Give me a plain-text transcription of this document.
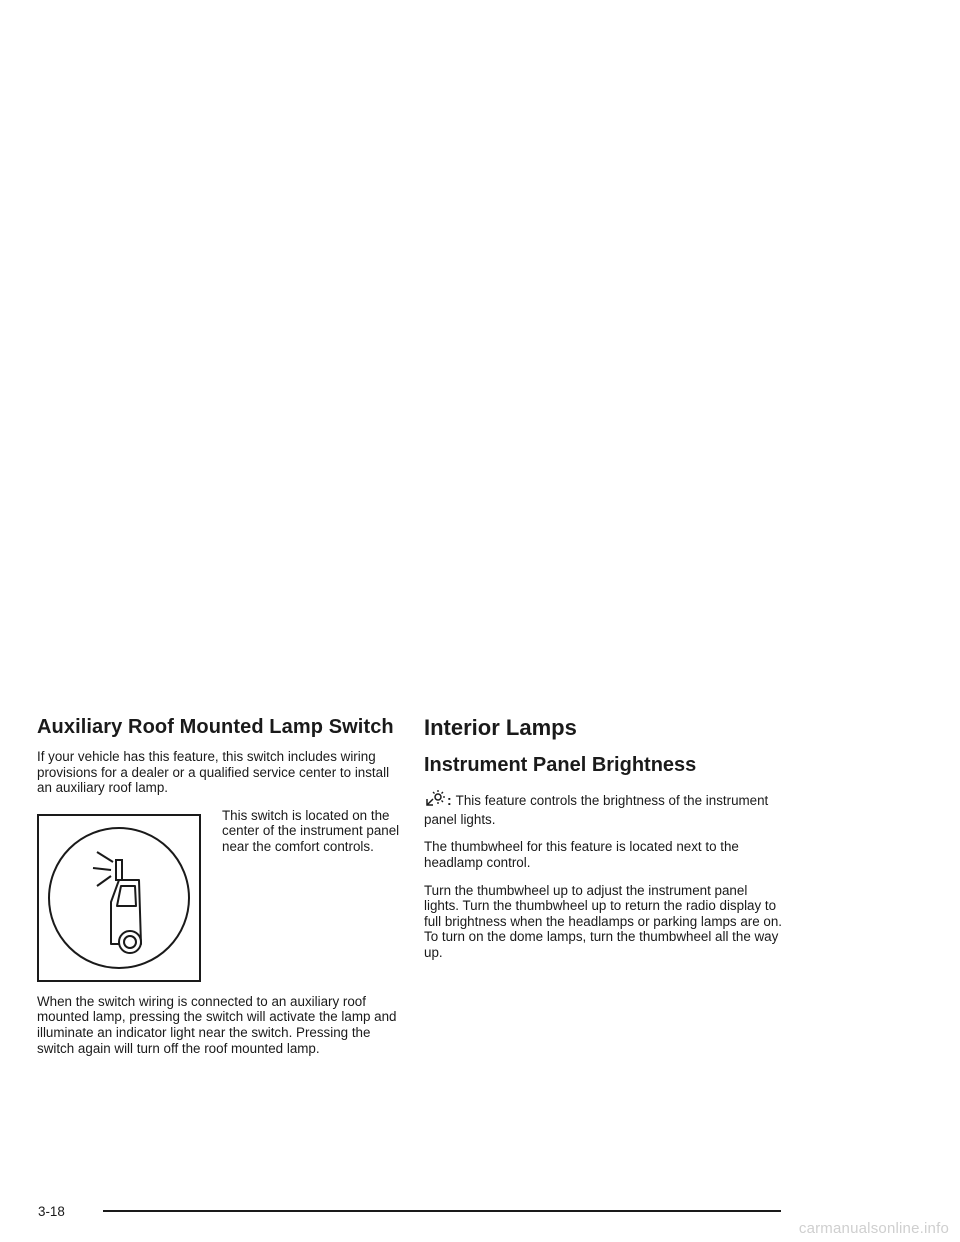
Auxiliary Roof Mounted Lamp Switch

If your vehicle has this feature, this switch includes wiring provisions for a dealer or a qualified service center to install an auxiliary roof lamp.

This switch is located on the center of the instrument panel near the comfort controls.

When the switch wiring is connected to an auxiliary roof mounted lamp, pressing the switch will activate the lamp and illuminate an indicator light near the switch. Pressing the switch again will turn off the roof mounted lamp.

Interior Lamps
Instrument Panel Brightness

: This feature controls the brightness of the instrument panel lights.

The thumbwheel for this feature is located next to the headlamp control.

Turn the thumbwheel up to adjust the instrument panel lights. Turn the thumbwheel up to return the radio display to full brightness when the headlamps or parking lamps are on. To turn on the dome lamps, turn the thumbwheel all the way up.

3-18
carmanualsonline.info
